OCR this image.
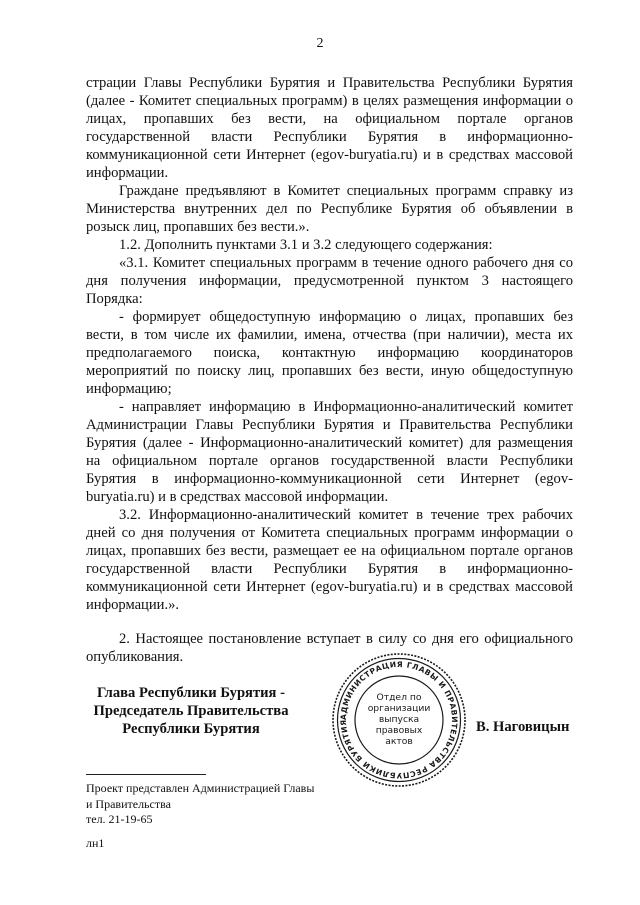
2

страции Главы Республики Бурятия и Правительства Республики Бурятия (далее - Комитет специальных программ) в целях размещения информации о лицах, пропавших без вести, на официальном портале органов государственной власти Республики Бурятия в информационно-коммуникационной сети Интернет (egov-buryatia.ru) и в средствах массовой информации.

Граждане предъявляют в Комитет специальных программ справку из Министерства внутренних дел по Республике Бурятия об объявлении в розыск лиц, пропавших без вести.».

1.2. Дополнить пунктами 3.1 и 3.2 следующего содержания:

«3.1. Комитет специальных программ в течение одного рабочего дня со дня получения информации, предусмотренной пунктом 3 настоящего Порядка:

- формирует общедоступную информацию о лицах, пропавших без вести, в том числе их фамилии, имена, отчества (при наличии), места их предполагаемого поиска, контактную информацию координаторов мероприятий по поиску лиц, пропавших без вести, иную общедоступную информацию;

- направляет информацию в Информационно-аналитический комитет Администрации Главы Республики Бурятия и Правительства Республики Бурятия (далее - Информационно-аналитический комитет) для размещения на официальном портале органов государственной власти Республики Бурятия в информационно-коммуникационной сети Интернет (egov-buryatia.ru) и в средствах массовой информации.

3.2. Информационно-аналитический комитет в течение трех рабочих дней со дня получения от Комитета специальных программ информации о лицах, пропавших без вести, размещает ее на официальном портале органов государственной власти Республики Бурятия в информационно-коммуникационной сети Интернет (egov-buryatia.ru) и в средствах массовой информации.».

2. Настоящее постановление вступает в силу со дня его официального опубликования.

Глава Республики Бурятия -
Председатель Правительства
Республики Бурятия
АДМИНИСТРАЦИЯ ГЛАВЫ И ПРАВИТЕЛЬСТВА РЕСПУБЛИКИ БУРЯТИЯ
Отдел по
организации
выпуска
правовых
актов
В. Наговицын
Проект представлен Администрацией Главы
и Правительства
тел. 21-19-65
лн1
